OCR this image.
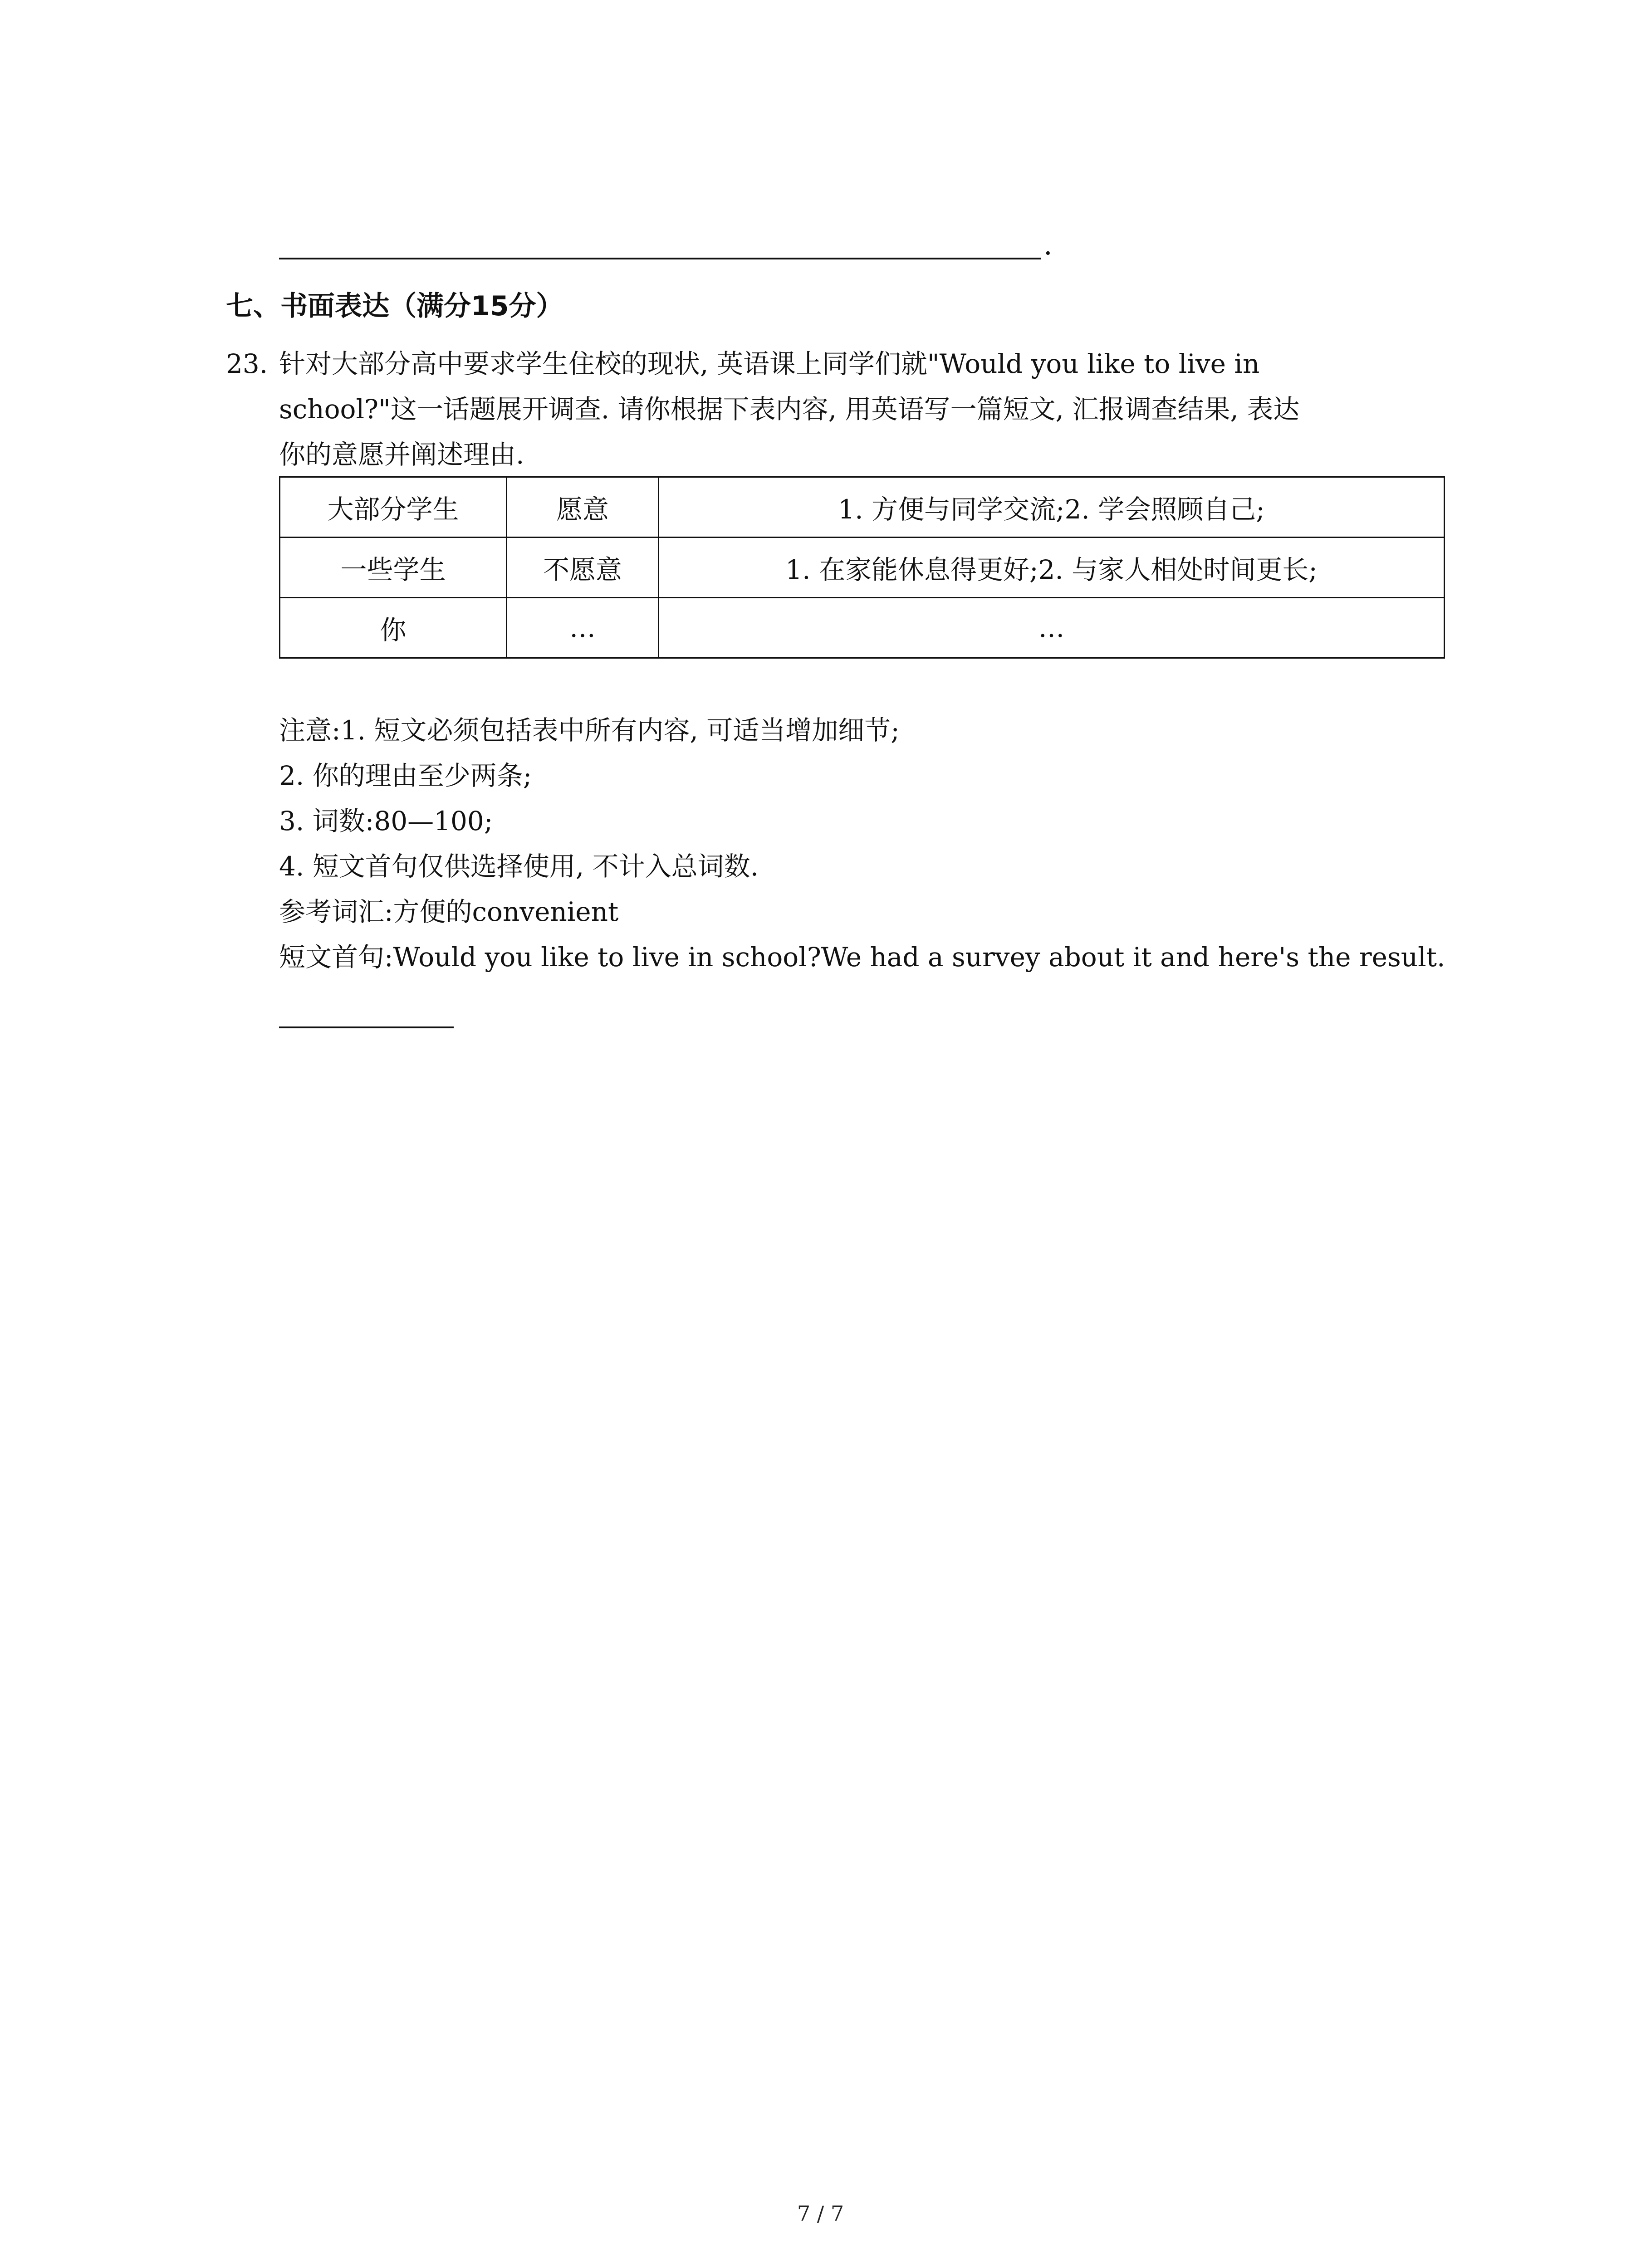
.
七、书面表达（满分15分）
23. 针对大部分高中要求学生住校的现状, 英语课上同学们就"Would you like to live in
school?"这一话题展开调查. 请你根据下表内容, 用英语写一篇短文, 汇报调查结果, 表达
你的意愿并阐述理由.
大部分学生	愿意	1. 方便与同学交流;2. 学会照顾自己;
一些学生	不愿意	1. 在家能休息得更好;2. 与家人相处时间更长;
你	…	…
注意:1. 短文必须包括表中所有内容, 可适当增加细节;
2. 你的理由至少两条;
3. 词数:80—100;
4. 短文首句仅供选择使用, 不计入总词数.
参考词汇:方便的convenient
短文首句:Would you like to live in school?We had a survey about it and here's the result.
7 / 7
